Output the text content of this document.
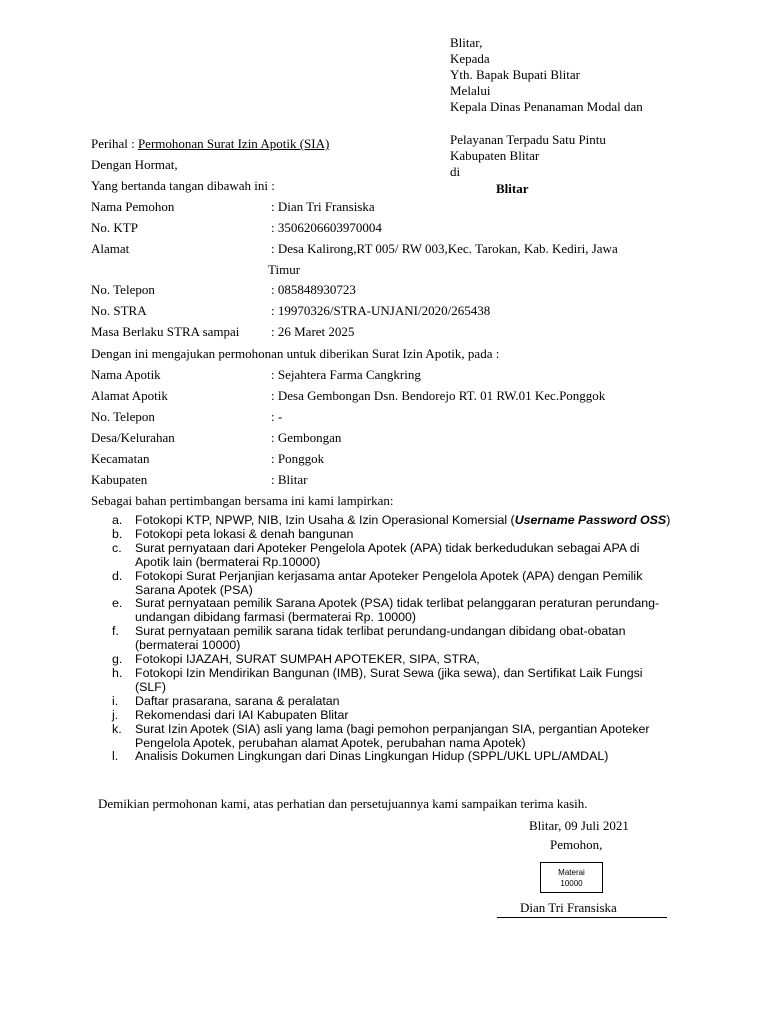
Blitar,
Kepada
Yth. Bapak Bupati Blitar
Melalui
Kepala Dinas Penanaman Modal dan
Pelayanan Terpadu Satu Pintu
Kabupaten Blitar
di
Blitar
Perihal : Permohonan Surat Izin Apotik (SIA)
Dengan Hormat,
Yang bertanda tangan dibawah ini :
Nama Pemohon	: Dian Tri Fransiska
No. KTP	: 3506206603970004
Alamat	: Desa Kalirong,RT 005/ RW 003,Kec. Tarokan, Kab. Kediri, Jawa
Timur
No. Telepon	: 085848930723
No. STRA	: 19970326/STRA-UNJANI/2020/265438
Masa Berlaku STRA sampai : 26 Maret 2025
Dengan ini mengajukan permohonan untuk diberikan Surat Izin Apotik, pada :
Nama Apotik	: Sejahtera Farma Cangkring
Alamat Apotik	: Desa Gembongan Dsn. Bendorejo RT. 01 RW.01 Kec.Ponggok
No. Telepon	: -
Desa/Kelurahan	: Gembongan
Kecamatan	: Ponggok
Kabupaten	: Blitar
Sebagai bahan pertimbangan bersama ini kami lampirkan:
a. Fotokopi KTP, NPWP, NIB, Izin Usaha & Izin Operasional Komersial (Username Password OSS)
b. Fotokopi peta lokasi & denah bangunan
c. Surat pernyataan dari Apoteker Pengelola Apotek (APA) tidak berkedudukan sebagai APA di Apotik lain (bermaterai Rp.10000)
d. Fotokopi Surat Perjanjian kerjasama antar Apoteker Pengelola Apotek (APA) dengan Pemilik Sarana Apotek (PSA)
e. Surat pernyataan pemilik Sarana Apotek (PSA) tidak terlibat pelanggaran peraturan perundang-undangan dibidang farmasi (bermaterai Rp. 10000)
f. Surat pernyataan pemilik sarana tidak terlibat perundang-undangan dibidang obat-obatan (bermaterai 10000)
g. Fotokopi IJAZAH, SURAT SUMPAH APOTEKER, SIPA, STRA,
h. Fotokopi Izin Mendirikan Bangunan (IMB), Surat Sewa (jika sewa), dan Sertifikat Laik Fungsi (SLF)
i. Daftar prasarana, sarana & peralatan
j. Rekomendasi dari IAI Kabupaten Blitar
k. Surat Izin Apotek (SIA) asli yang lama (bagi pemohon perpanjangan SIA, pergantian Apoteker Pengelola Apotek, perubahan alamat Apotek, perubahan nama Apotek)
l. Analisis Dokumen Lingkungan dari Dinas Lingkungan Hidup (SPPL/UKL UPL/AMDAL)
Demikian permohonan kami, atas perhatian dan persetujuannya kami sampaikan terima kasih.
Blitar, 09 Juli 2021
Pemohon,
Materai
10000
Dian Tri Fransiska
